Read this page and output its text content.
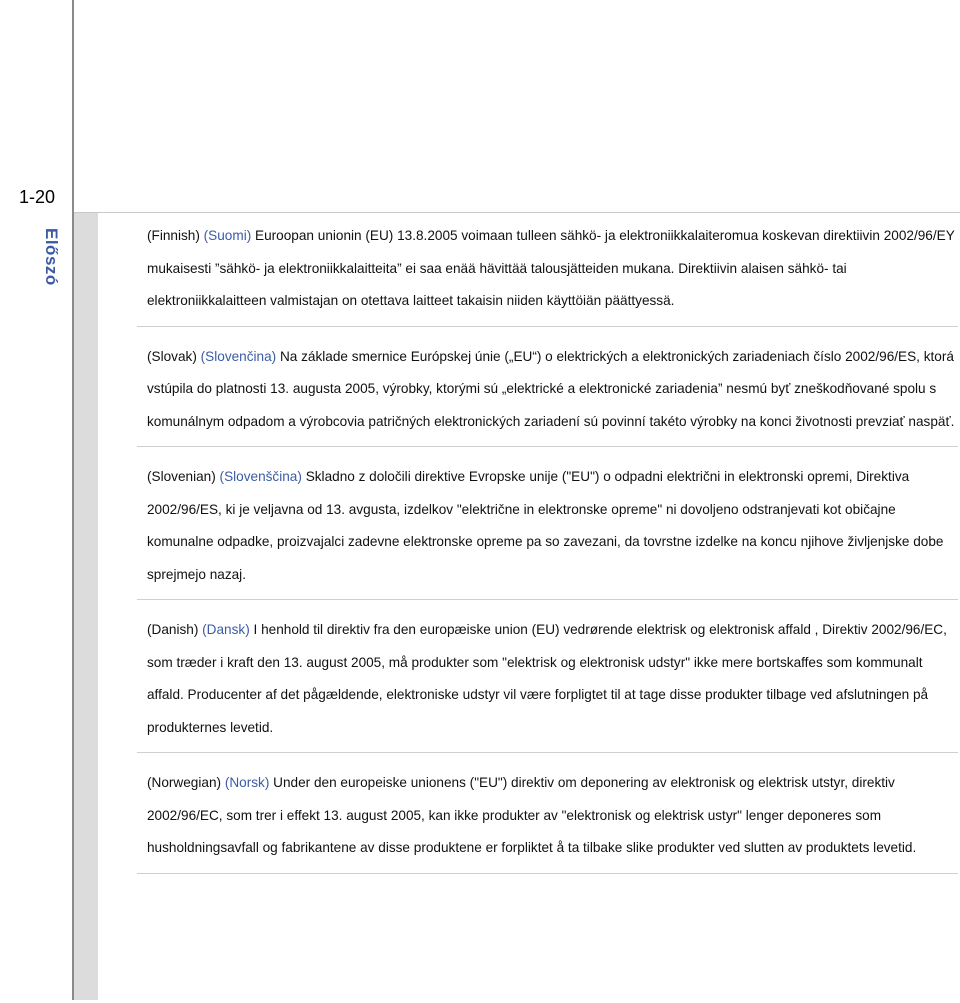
1-20
Előszó	(Finnish) (Suomi) Euroopan unionin (EU) 13.8.2005 voimaan tulleen sähkö- ja elektroniikkalaiteromua koskevan direktiivin 2002/96/EY mukaisesti ”sähkö- ja elektroniikkalaitteita” ei saa enää hävittää talousjätteiden mukana. Direktiivin alaisen sähkö- tai elektroniikkalaitteen valmistajan on otettava laitteet takaisin niiden käyttöiän päättyessä.

(Slovak) (Slovenčina) Na základe smernice Európskej únie („EU“) o elektrických a elektronických zariadeniach číslo 2002/96/ES, ktorá vstúpila do platnosti 13. augusta 2005, výrobky, ktorými sú „elektrické a elektronické zariadenia” nesmú byť zneškodňované spolu s komunálnym odpadom a výrobcovia patričných elektronických zariadení sú povinní takéto výrobky na konci životnosti prevziať naspäť.

(Slovenian) (Slovenščina) Skladno z določili direktive Evropske unije ("EU") o odpadni električni in elektronski opremi, Direktiva 2002/96/ES, ki je veljavna od 13. avgusta, izdelkov "električne in elektronske opreme" ni dovoljeno odstranjevati kot običajne komunalne odpadke, proizvajalci zadevne elektronske opreme pa so zavezani, da tovrstne izdelke na koncu njihove življenjske dobe sprejmejo nazaj.

(Danish) (Dansk) I henhold til direktiv fra den europæiske union (EU) vedrørende elektrisk og elektronisk affald , Direktiv 2002/96/EC, som træder i kraft den 13. august 2005, må produkter som "elektrisk og elektronisk udstyr" ikke mere bortskaffes som kommunalt affald. Producenter af det pågældende, elektroniske udstyr vil være forpligtet til at tage disse produkter tilbage ved afslutningen på produkternes levetid.

(Norwegian) (Norsk) Under den europeiske unionens ("EU") direktiv om deponering av elektronisk og elektrisk utstyr, direktiv 2002/96/EC, som trer i effekt 13. august 2005, kan ikke produkter av "elektronisk og elektrisk ustyr" lenger deponeres som husholdningsavfall og fabrikantene av disse produktene er forpliktet å ta tilbake slike produkter ved slutten av produktets levetid.
